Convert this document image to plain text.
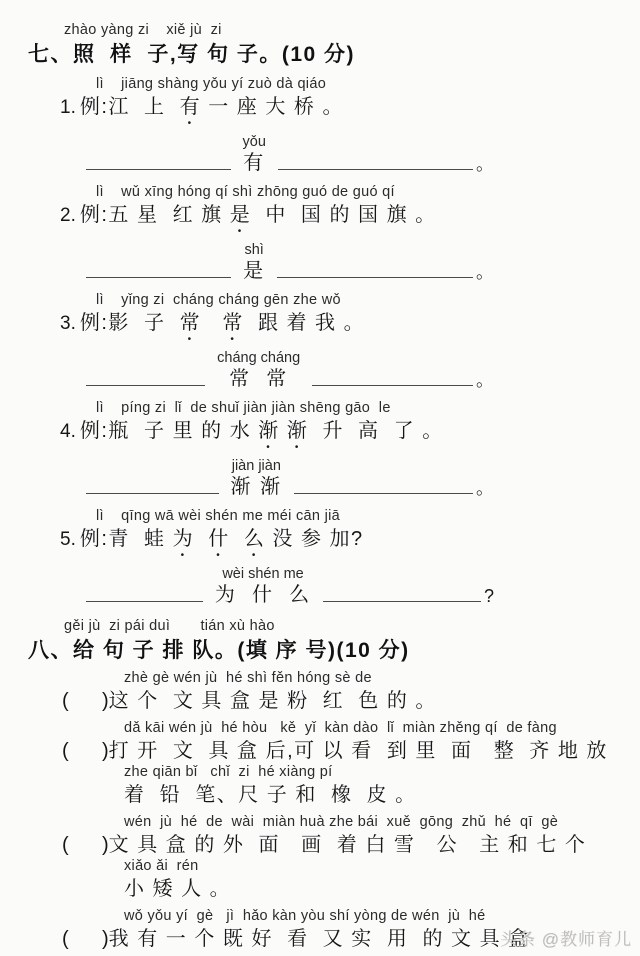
zhào yàng zi    xiě jù  zi
七、照  样  子,写 句 子。(10 分)
lì    jiāng shàng yǒu yí zuò dà qiáo
1. 例:江  上  有 一 座 大 桥 。
yǒu
有	。
lì    wǔ xīng hóng qí shì zhōng guó de guó qí
2. 例:五 星  红 旗 是  中  国 的 国 旗 。
shì
是	。
lì    yǐng zi  cháng cháng gēn zhe wǒ
3. 例:影  子  常   常  跟 着 我 。
cháng cháng
常  常	。
lì    píng zi  lǐ  de shuǐ jiàn jiàn shēng gāo  le
4. 例:瓶  子 里 的 水 渐 渐  升  高  了 。
jiàn jiàn
渐 渐	。
lì    qīng wā wèi shén me méi cān jiā
5. 例:青  蛙 为  什  么 没 参 加?
wèi shén me
为  什  么	?
gěi jù  zi pái duì       tián xù hào
八、给 句 子 排 队。(填 序 号)(10 分)
zhè gè wén jù  hé shì fěn hóng sè de
(      )这 个  文 具 盒 是 粉  红  色 的 。
dǎ kāi wén jù  hé hòu   kě  yǐ  kàn dào  lǐ  miàn zhěng qí  de fàng
(      )打 开  文  具 盒 后,可 以 看  到 里  面   整  齐 地 放
zhe qiān bǐ   chǐ  zi  hé xiàng pí
着  铅  笔、尺 子 和  橡  皮 。
wén  jù  hé  de  wài  miàn huà zhe bái  xuě  gōng  zhǔ  hé  qī  gè
(      )文 具 盒 的 外  面   画  着 白 雪   公   主 和 七 个
xiǎo ǎi  rén
小 矮 人 。
wǒ yǒu yí  gè   jì  hǎo kàn yòu shí yòng de wén  jù  hé
(      )我 有 一 个 既 好  看  又 实  用  的 文 具 盒
头条 @教师育儿
